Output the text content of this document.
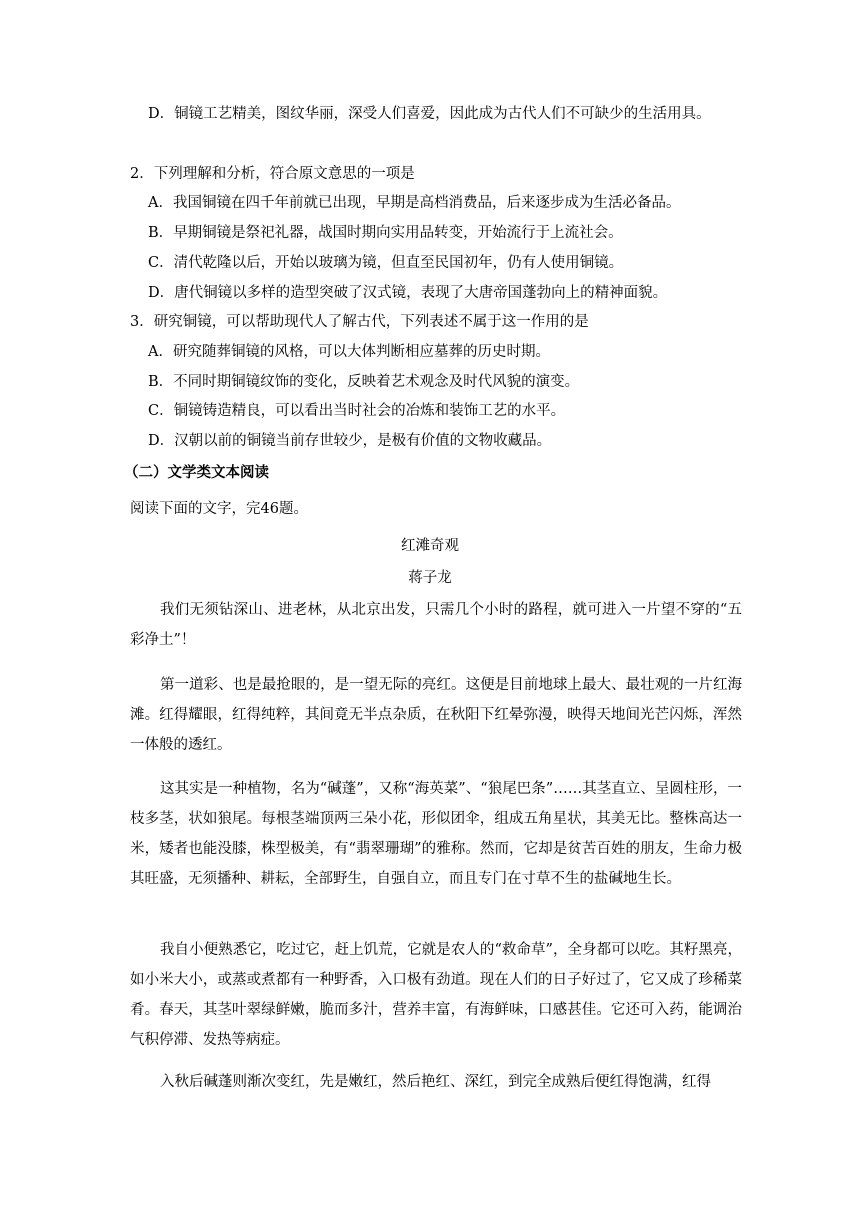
D．铜镜工艺精美，图纹华丽，深受人们喜爱，因此成为古代人们不可缺少的生活用具。
2．下列理解和分析，符合原文意思的一项是
A．我国铜镜在四千年前就已出现，早期是高档消费品，后来逐步成为生活必备品。
B．早期铜镜是祭祀礼器，战国时期向实用品转变，开始流行于上流社会。
C．清代乾隆以后，开始以玻璃为镜，但直至民国初年，仍有人使用铜镜。
D．唐代铜镜以多样的造型突破了汉式镜，表现了大唐帝国蓬勃向上的精神面貌。
3．研究铜镜，可以帮助现代人了解古代，下列表述不属于这一作用的是
A．研究随葬铜镜的风格，可以大体判断相应墓葬的历史时期。
B．不同时期铜镜纹饰的变化，反映着艺术观念及时代风貌的演变。
C．铜镜铸造精良，可以看出当时社会的冶炼和装饰工艺的水平。
D．汉朝以前的铜镜当前存世较少，是极有价值的文物收藏品。
（二）文学类文本阅读
阅读下面的文字，完46题。
红滩奇观
蒋子龙
我们无须钻深山、进老林，从北京出发，只需几个小时的路程，就可进入一片望不穿的“五彩净土”！
第一道彩、也是最抢眼的，是一望无际的亮红。这便是目前地球上最大、最壮观的一片红海滩。红得耀眼，红得纯粹，其间竟无半点杂质，在秋阳下红晕弥漫，映得天地间光芒闪烁，浑然一体般的透红。
这其实是一种植物，名为“碱蓬”，又称“海英菜”、“狼尾巴条”……其茎直立、呈圆柱形，一枝多茎，状如狼尾。每根茎端顶两三朵小花，形似团伞，组成五角星状，其美无比。整株高达一米，矮者也能没膝，株型极美，有“翡翠珊瑚”的雅称。然而，它却是贫苦百姓的朋友，生命力极其旺盛，无须播种、耕耘，全部野生，自强自立，而且专门在寸草不生的盐碱地生长。
我自小便熟悉它，吃过它，赶上饥荒，它就是农人的“救命草”，全身都可以吃。其籽黑亮，如小米大小，或蒸或煮都有一种野香，入口极有劲道。现在人们的日子好过了，它又成了珍稀菜肴。春天，其茎叶翠绿鲜嫩，脆而多汁，营养丰富，有海鲜味，口感甚佳。它还可入药，能调治气积停滞、发热等病症。
入秋后碱蓬则渐次变红，先是嫩红，然后艳红、深红，到完全成熟后便红得饱满，红得
